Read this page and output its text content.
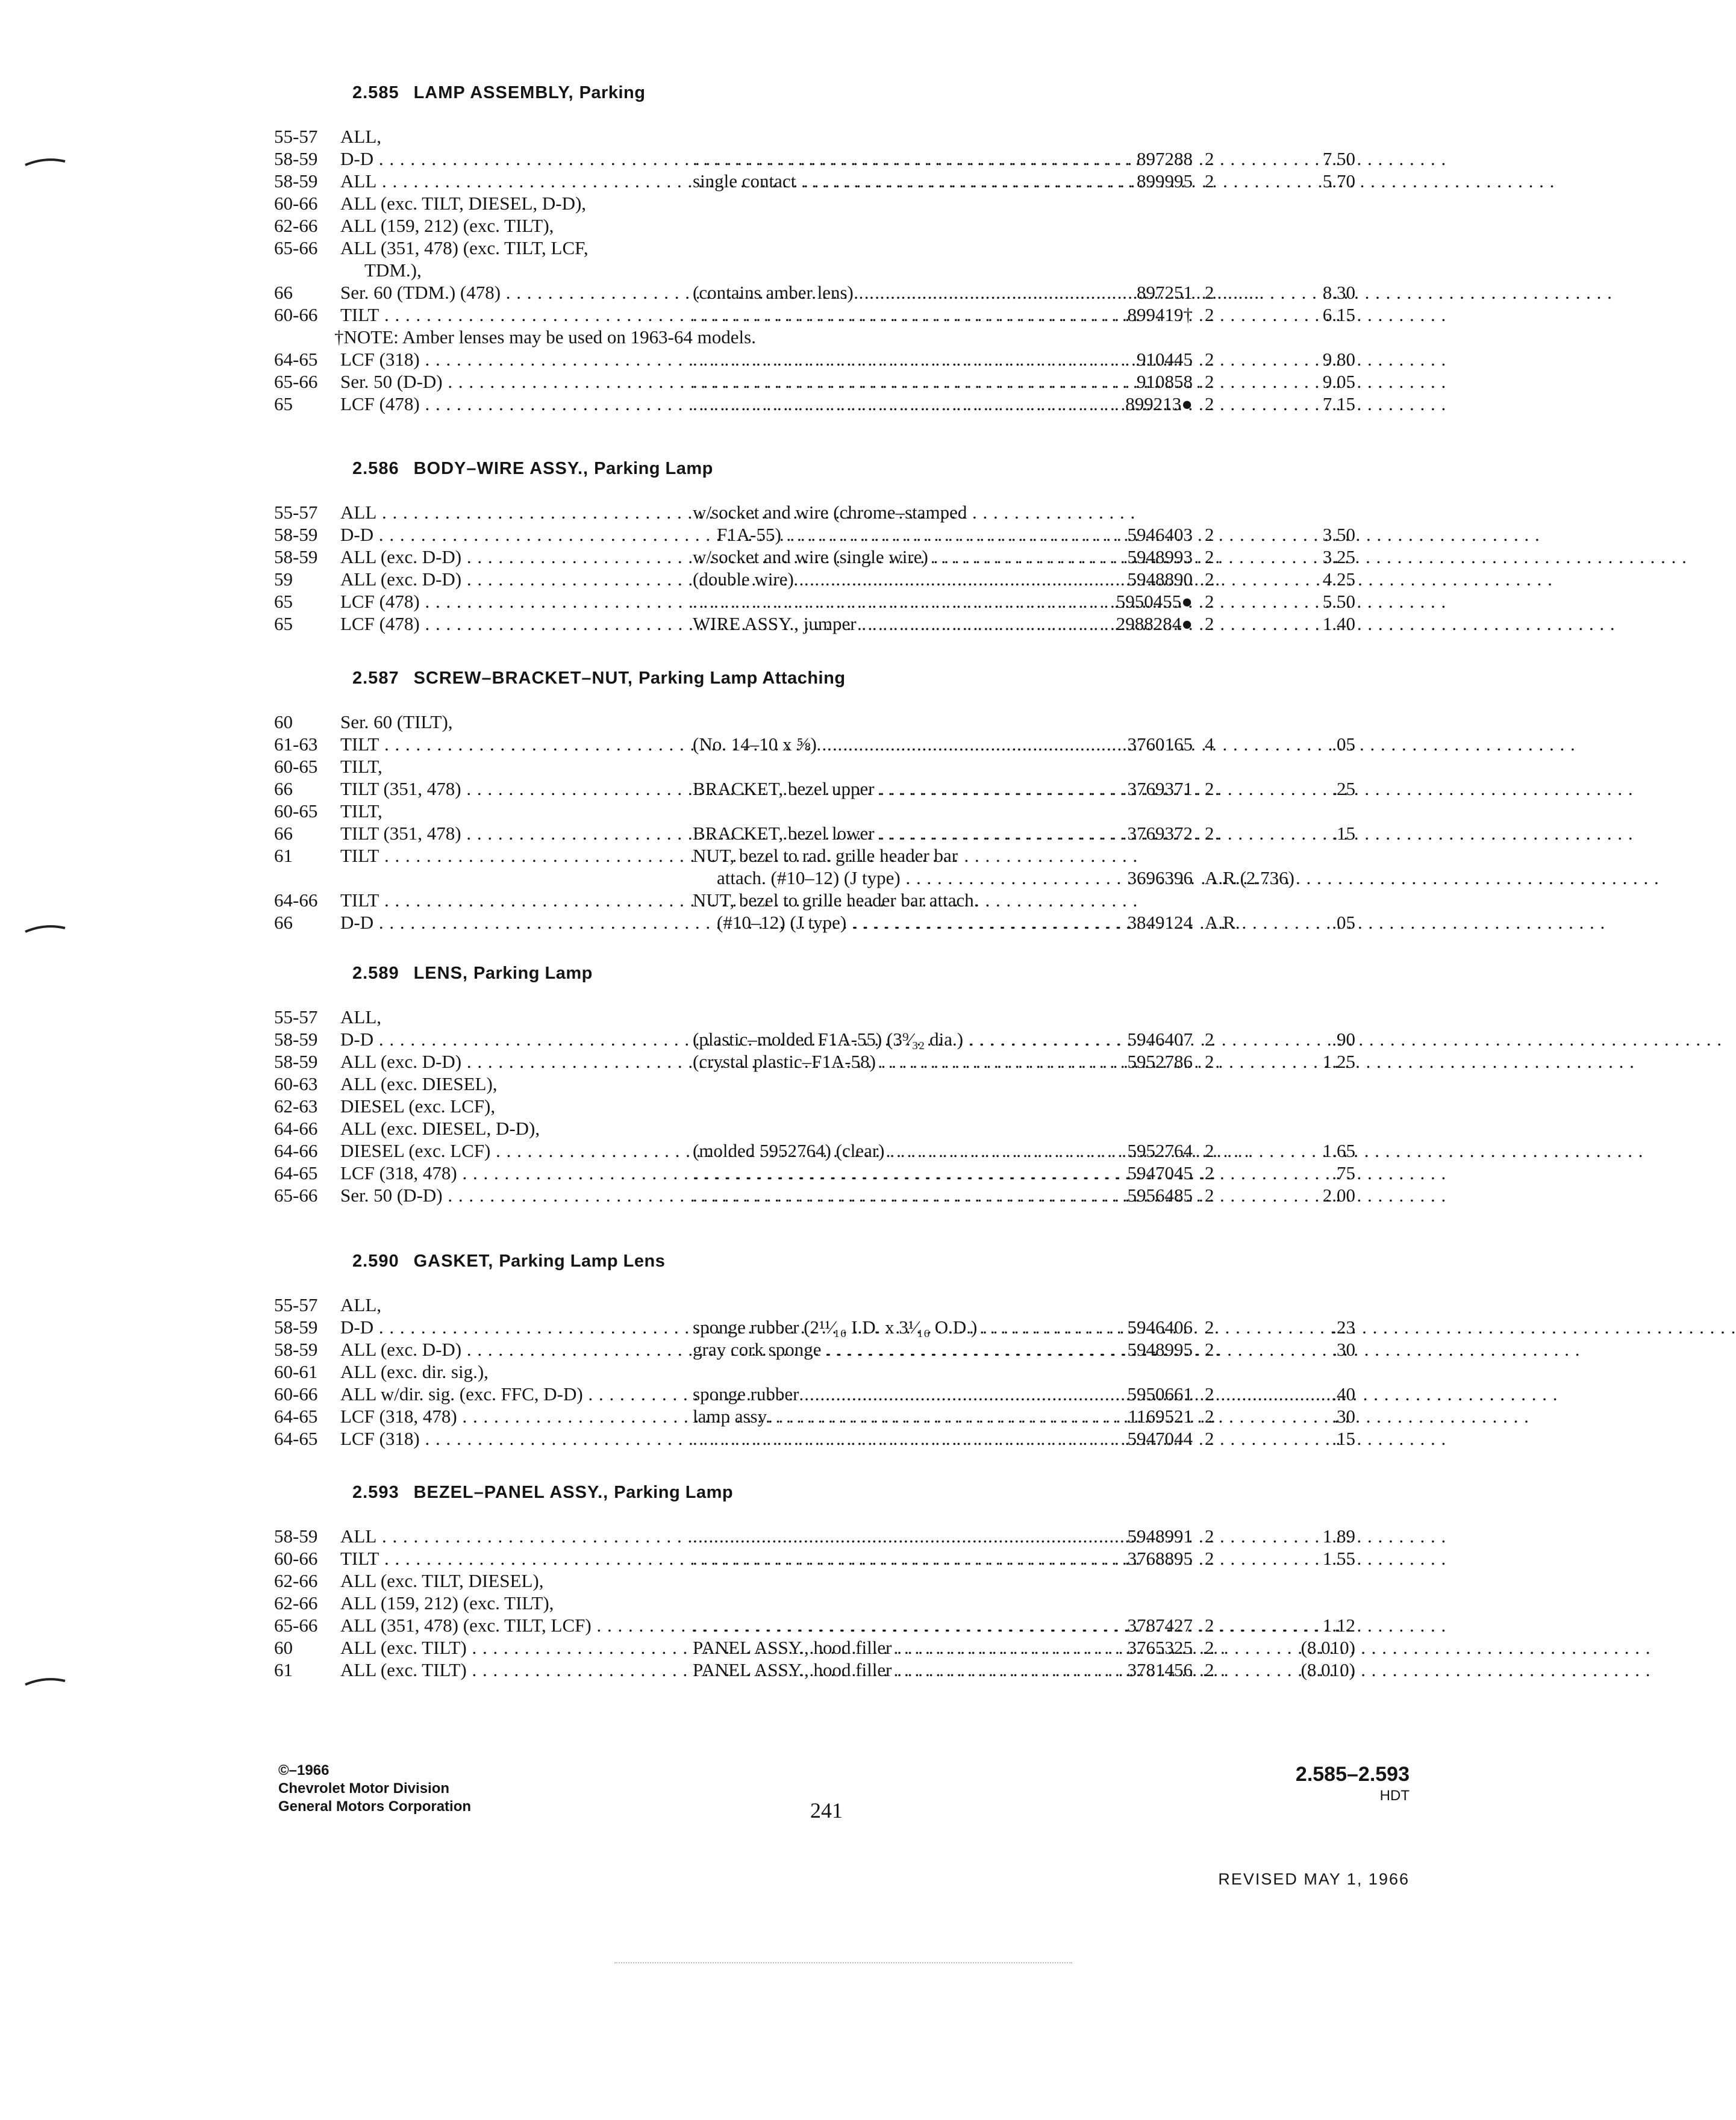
2.585 LAMP ASSEMBLY, Parking
55-57	ALL,
58-59	D-D . . . . . .	897288 2	7.50
58-59	ALL . . .	single contact . . .	899995 2	5.70
60-66	ALL (exc. TILT, DIESEL, D-D),
62-66	ALL (159, 212) (exc. TILT),
65-66	ALL (351, 478) (exc. TILT, LCF,
TDM.),
66	Ser. 60 (TDM.) (478) . . .	(contains amber lens) . . .	897251 2	8.30
60-66	TILT . . . . . .	899419† 2	6.15
†NOTE: Amber lenses may be used on 1963-64 models.
64-65	LCF (318) . . . . . .	910445 2	9.80
65-66	Ser. 50 (D-D) . . . . . .	910858 2	9.05
65	LCF (478) . . . . . .	899213● 2	7.15
2.586 BODY–WIRE ASSY., Parking Lamp
55-57	ALL . . .	w/socket and wire (chrome–stamped
58-59	D-D . . .	F1A-55) . . .	5946403 2	3.50
58-59	ALL (exc. D-D) . . .	w/socket and wire (single wire) . . .	5948993 2	3.25
59	ALL (exc. D-D) . . .	(double wire) . . .	5948890 2	4.25
65	LCF (478) . . . . . .	5950455● 2	5.50
65	LCF (478) . . .	WIRE ASSY., jumper . . .	2988284● 2	1.40
2.587 SCREW–BRACKET–NUT, Parking Lamp Attaching
60	Ser. 60 (TILT),
61-63	TILT . . .	(No. 14–10 x ⅝) . . .	3760165 4	.05
60-65	TILT,
66	TILT (351, 478) . . .	BRACKET, bezel upper . . .	3769371 2	.25
60-65	TILT,
66	TILT (351, 478) . . .	BRACKET, bezel lower . . .	3769372 2	.15
61	TILT . . .	NUT, bezel to rad. grille header bar
attach. (#10–12) (J type) . . .	3696396 A.R.(2.736)
64-66	TILT . . .	NUT, bezel to grille header bar attach.
66	D-D . . .	(#10–12) (J type) . . .	3849124 A.R.	.05
2.589 LENS, Parking Lamp
55-57	ALL,
58-59	D-D . . .	(plastic–molded F1A-55) (3⁹⁄₃₂ dia.) . . .	5946407 2	.90
58-59	ALL (exc. D-D) . . .	(crystal plastic–F1A-58) . . .	5952786 2	1.25
60-63	ALL (exc. DIESEL),
62-63	DIESEL (exc. LCF),
64-66	ALL (exc. DIESEL, D-D),
64-66	DIESEL (exc. LCF) . . .	(molded 5952764) (clear) . . .	5952764 2	1.65
64-65	LCF (318, 478) . . . . . .	5947045 2	.75
65-66	Ser. 50 (D-D) . . . . . .	5956485 2	2.00
2.590 GASKET, Parking Lamp Lens
55-57	ALL,
58-59	D-D . . .	sponge rubber (2¹¹⁄₁₆ I.D. x 3¹⁄₁₆ O.D.) . . .	5946406 2	.23
58-59	ALL (exc. D-D) . . .	gray cork sponge . . .	5948995 2	.30
60-61	ALL (exc. dir. sig.),
60-66	ALL w/dir. sig. (exc. FFC, D-D) . . .	sponge rubber . . .	5950661 2	.40
64-65	LCF (318, 478) . . .	lamp assy. . . .	1169521 2	.30
64-65	LCF (318) . . . . . .	5947044 2	.15
2.593 BEZEL–PANEL ASSY., Parking Lamp
58-59	ALL . . . . . .	5948991 2	1.89
60-66	TILT . . . . . .	3768895 2	1.55
62-66	ALL (exc. TILT, DIESEL),
62-66	ALL (159, 212) (exc. TILT),
65-66	ALL (351, 478) (exc. TILT, LCF) . . . . . .	3787427 2	1.12
60	ALL (exc. TILT) . . .	PANEL ASSY., hood filler . . .	3765325 2	(8.010)
61	ALL (exc. TILT) . . .	PANEL ASSY., hood filler . . .	3781456 2	(8.010)
©–1966
Chevrolet Motor Division
General Motors Corporation	241
2.585–2.593
HDT
REVISED MAY 1, 1966
